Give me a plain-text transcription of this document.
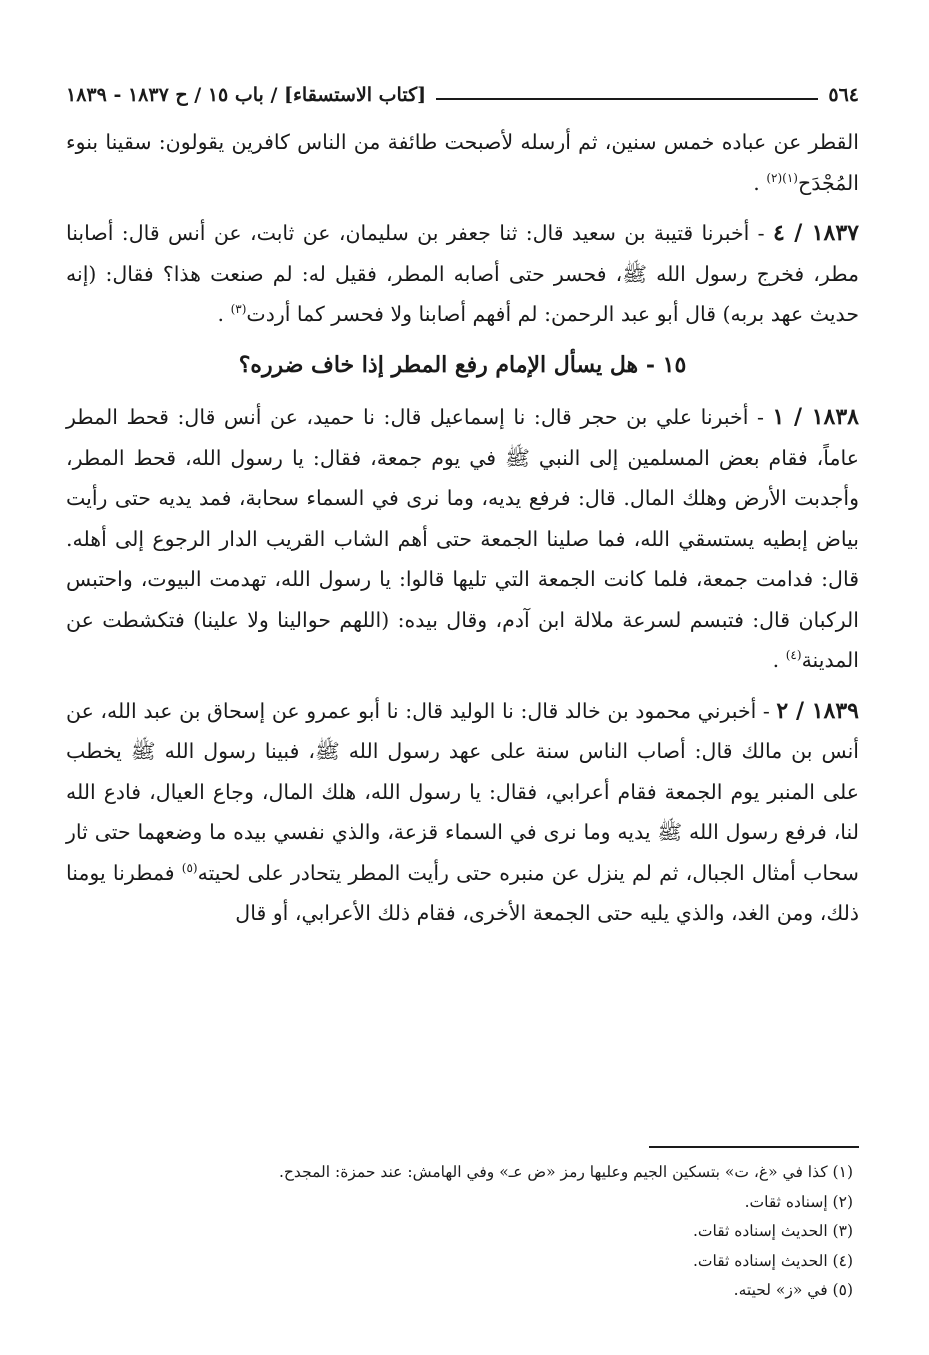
٥٦٤
[كتاب الاستسقاء] / باب ١٥ / ح ١٨٣٧ - ١٨٣٩

القطر عن عباده خمس سنين، ثم أرسله لأصبحت طائفة من الناس كافرين يقولون: سقينا بنوء المُجْدَح$^{(١)(٢)}$ .

١٨٣٧ / ٤ - أخبرنا قتيبة بن سعيد قال: ثنا جعفر بن سليمان، عن ثابت، عن أنس قال: أصابنا مطر، فخرج رسول الله ﷺ، فحسر حتى أصابه المطر، فقيل له: لم صنعت هذا؟ فقال: (إنه حديث عهد بربه) قال أبو عبد الرحمن: لم أفهم أصابنا ولا فحسر كما أردت$^{(٣)}$ .

١٥ - هل يسأل الإمام رفع المطر إذا خاف ضرره؟

١٨٣٨ / ١ - أخبرنا علي بن حجر قال: نا إسماعيل قال: نا حميد، عن أنس قال: قحط المطر عاماً، فقام بعض المسلمين إلى النبي ﷺ في يوم جمعة، فقال: يا رسول الله، قحط المطر، وأجدبت الأرض وهلك المال. قال: فرفع يديه، وما نرى في السماء سحابة، فمد يديه حتى رأيت بياض إبطيه يستسقي الله، فما صلينا الجمعة حتى أهم الشاب القريب الدار الرجوع إلى أهله. قال: فدامت جمعة، فلما كانت الجمعة التي تليها قالوا: يا رسول الله، تهدمت البيوت، واحتبس الركبان قال: فتبسم لسرعة ملالة ابن آدم، وقال بيده: (اللهم حوالينا ولا علينا) فتكشطت عن المدينة$^{(٤)}$ .

١٨٣٩ / ٢ - أخبرني محمود بن خالد قال: نا الوليد قال: نا أبو عمرو عن إسحاق بن عبد الله، عن أنس بن مالك قال: أصاب الناس سنة على عهد رسول الله ﷺ، فبينا رسول الله ﷺ يخطب على المنبر يوم الجمعة فقام أعرابي، فقال: يا رسول الله، هلك المال، وجاع العيال، فادع الله لنا، فرفع رسول الله ﷺ يديه وما نرى في السماء قزعة، والذي نفسي بيده ما وضعهما حتى ثار سحاب أمثال الجبال، ثم لم ينزل عن منبره حتى رأيت المطر يتحادر على لحيته$^{(٥)}$ فمطرنا يومنا ذلك، ومن الغد، والذي يليه حتى الجمعة الأخرى، فقام ذلك الأعرابي، أو قال

(١) كذا في «غ، ت» بتسكين الجيم وعليها رمز «ض عـ» وفي الهامش: عند حمزة: المجدح.
(٢) إسناده ثقات.
(٣) الحديث إسناده ثقات.
(٤) الحديث إسناده ثقات.
(٥) في «ز» لحيته.
